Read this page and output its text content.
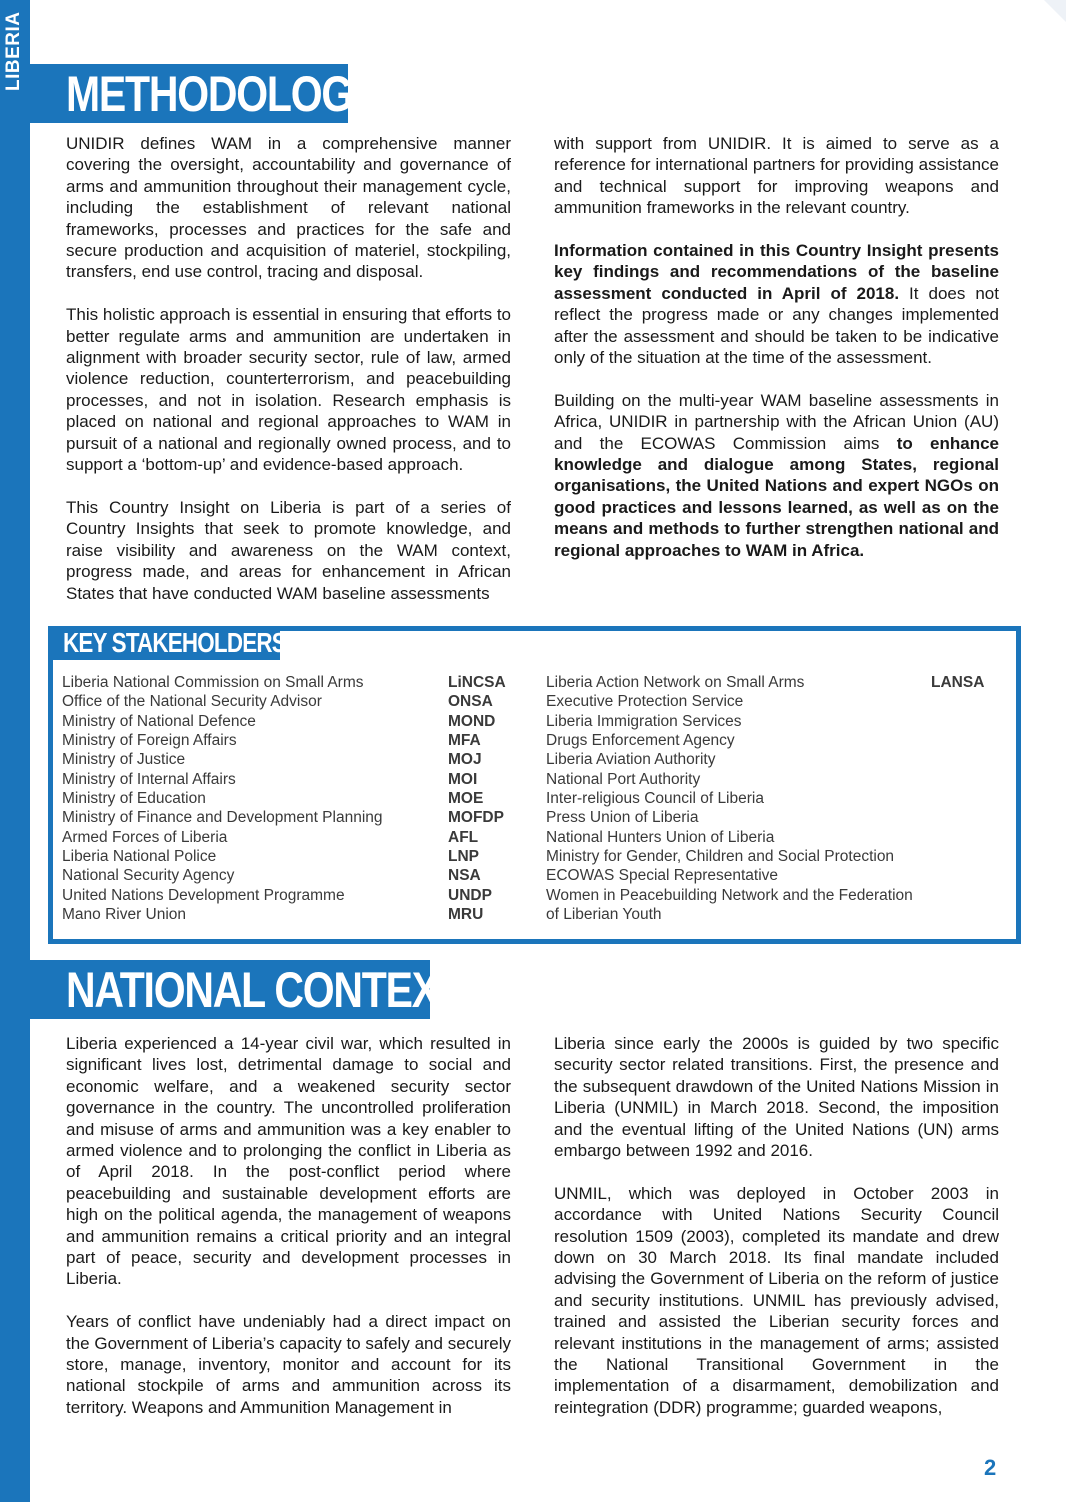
LIBERIA
METHODOLOGY

UNIDIR defines WAM in a comprehensive manner covering the oversight, accountability and governance of arms and ammunition throughout their management cycle, including the establishment of relevant national frameworks, processes and practices for the safe and secure production and acquisition of materiel, stockpiling, transfers, end use control, tracing and disposal.

This holistic approach is essential in ensuring that efforts to better regulate arms and ammunition are undertaken in alignment with broader security sector, rule of law, armed violence reduction, counterterrorism, and peacebuilding processes, and not in isolation. Research emphasis is placed on national and regional approaches to WAM in pursuit of a national and regionally owned process, and to support a ‘bottom-up’ and evidence-based approach.

This Country Insight on Liberia is part of a series of Country Insights that seek to promote knowledge, and raise visibility and awareness on the WAM context, progress made, and areas for enhancement in African States that have conducted WAM baseline assessments

with support from UNIDIR. It is aimed to serve as a reference for international partners for providing assistance and technical support for improving weapons and ammunition frameworks in the relevant country.

Information contained in this Country Insight presents key findings and recommendations of the baseline assessment conducted in April of 2018. It does not reflect the progress made or any changes implemented after the assessment and should be taken to be indicative only of the situation at the time of the assessment.

Building on the multi-year WAM baseline assessments in Africa, UNIDIR in partnership with the African Union (AU) and the ECOWAS Commission aims to enhance knowledge and dialogue among States, regional organisations, the United Nations and expert NGOs on good practices and lessons learned, as well as on the means and methods to further strengthen national and regional approaches to WAM in Africa.

KEY STAKEHOLDERS
Liberia National Commission on Small Arms
Office of the National Security Advisor
Ministry of National Defence
Ministry of Foreign Affairs
Ministry of Justice
Ministry of Internal Affairs
Ministry of Education
Ministry of Finance and Development Planning
Armed Forces of Liberia
Liberia National Police
National Security Agency
United Nations Development Programme
Mano River Union
LiNCSA
ONSA
MOND
MFA
MOJ
MOI
MOE
MOFDP
AFL
LNP
NSA
UNDP
MRU
Liberia Action Network on Small Arms
Executive Protection Service
Liberia Immigration Services
Drugs Enforcement Agency
Liberia Aviation Authority
National Port Authority
Inter-religious Council of Liberia
Press Union of Liberia
National Hunters Union of Liberia
Ministry for Gender, Children and Social Protection
ECOWAS Special Representative
Women in Peacebuilding Network and the Federation
of Liberian Youth
LANSA
NATIONAL CONTEXT

Liberia experienced a 14-year civil war, which resulted in significant lives lost, detrimental damage to social and economic welfare, and a weakened security sector governance in the country. The uncontrolled proliferation and misuse of arms and ammunition was a key enabler to armed violence and to prolonging the conflict in Liberia as of April 2018. In the post-conflict period where peacebuilding and sustainable development efforts are high on the political agenda, the management of weapons and ammunition remains a critical priority and an integral part of peace, security and development processes in Liberia.

Years of conflict have undeniably had a direct impact on the Government of Liberia’s capacity to safely and securely store, manage, inventory, monitor and account for its national stockpile of arms and ammunition across its territory. Weapons and Ammunition Management in

Liberia since early the 2000s is guided by two specific security sector related transitions. First, the presence and the subsequent drawdown of the United Nations Mission in Liberia (UNMIL) in March 2018. Second, the imposition and the eventual lifting of the United Nations (UN) arms embargo between 1992 and 2016.

UNMIL, which was deployed in October 2003 in accordance with United Nations Security Council resolution 1509 (2003), completed its mandate and drew down on 30 March 2018. Its final mandate included advising the Government of Liberia on the reform of justice and security institutions. UNMIL has previously advised, trained and assisted the Liberian security forces and relevant institutions in the management of arms; assisted the National Transitional Government in the implementation of a disarmament, demobilization and reintegration (DDR) programme; guarded weapons,

2
